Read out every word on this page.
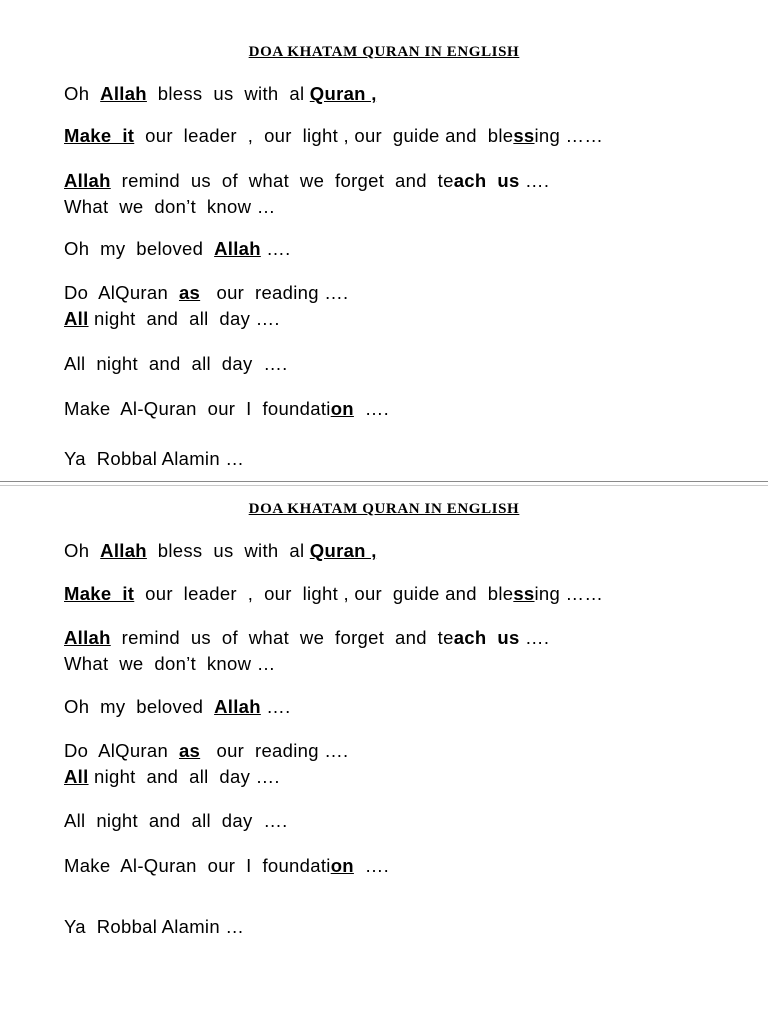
DOA KHATAM QURAN IN ENGLISH
DOA KHATAM QURAN IN ENGLISH
Oh  Allah  bless  us  with  al Quran ,
Make  it  our  leader  ,  our  light , our  guide and  blessing ……
Allah  remind  us  of  what  we  forget  and  teach  us ….
What  we  don’t  know …
Oh  my  beloved  Allah ….
Do  AlQuran  as   our  reading ….
All night  and  all  day ….
All  night  and  all  day  ….
Make  Al-Quran  our  I  foundation  ….
Ya  Robbal Alamin …
Oh  Allah  bless  us  with  al Quran ,
Make  it  our  leader  ,  our  light , our  guide and  blessing ……
Allah  remind  us  of  what  we  forget  and  teach  us ….
What  we  don’t  know …
Oh  my  beloved  Allah ….
Do  AlQuran  as   our  reading ….
All night  and  all  day ….
All  night  and  all  day  ….
Make  Al-Quran  our  I  foundation  ….
Ya  Robbal Alamin …
